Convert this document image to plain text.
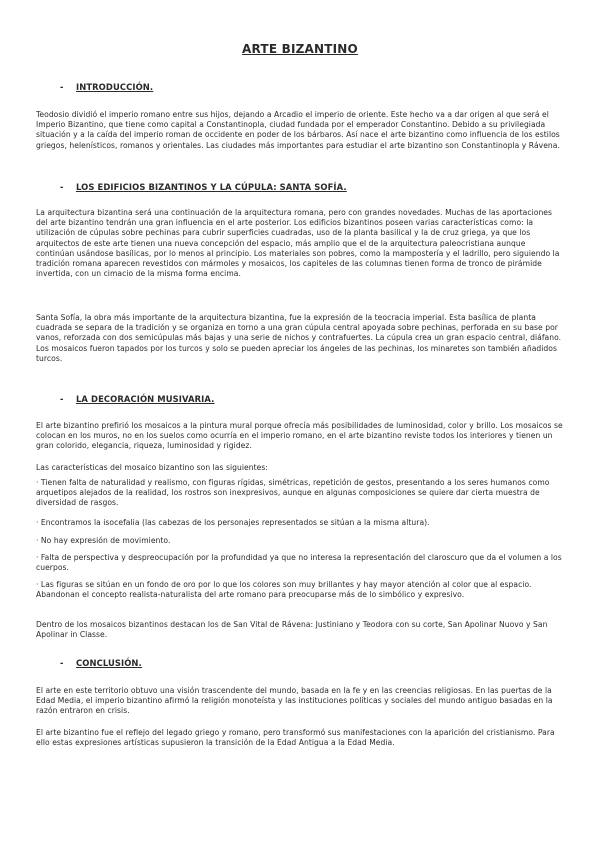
ARTE BIZANTINO
- INTRODUCCIÓN.

Teodosio dividió el imperio romano entre sus hijos, dejando a Arcadio el imperio de oriente. Este hecho va a dar origen al que será el Imperio Bizantino, que tiene como capital a Constantinopla, ciudad fundada por el emperador Constantino. Debido a su privilegiada situación y a la caída del imperio roman de occidente en poder de los bárbaros. Así nace el arte bizantino como influencia de los estilos griegos, helenísticos, romanos y orientales. Las ciudades más importantes para estudiar el arte bizantino son Constantinopla y Rávena.

- LOS EDIFICIOS BIZANTINOS Y LA CÚPULA: SANTA SOFÍA.

La arquitectura bizantina será una continuación de la arquitectura romana, pero con grandes novedades. Muchas de las aportaciones del arte bizantino tendrán una gran influencia en el arte posterior. Los edificios bizantinos poseen varias características como: la utilización de cúpulas sobre pechinas para cubrir superficies cuadradas, uso de la planta basilical y la de cruz griega, ya que los arquitectos de este arte tienen una nueva concepción del espacio, más amplio que el de la arquitectura paleocristiana aunque continúan usándose basílicas, por lo menos al principio. Los materiales son pobres, como la mampostería y el ladrillo, pero siguiendo la tradición romana aparecen revestidos con mármoles y mosaicos, los capiteles de las columnas tienen forma de tronco de pirámide invertida, con un cimacio de la misma forma encima.

Santa Sofía, la obra más importante de la arquitectura bizantina, fue la expresión de la teocracia imperial. Esta basílica de planta cuadrada se separa de la tradición y se organiza en torno a una gran cúpula central apoyada sobre pechinas, perforada en su base por vanos, reforzada con dos semicúpulas más bajas y una serie de nichos y contrafuertes. La cúpula crea un gran espacio central, diáfano. Los mosaicos fueron tapados por los turcos y solo se pueden apreciar los ángeles de las pechinas, los minaretes son también añadidos turcos.

- LA DECORACIÓN MUSIVARIA.

El arte bizantino prefirió los mosaicos a la pintura mural porque ofrecía más posibilidades de luminosidad, color y brillo. Los mosaicos se colocan en los muros, no en los suelos como ocurría en el imperio romano, en el arte bizantino reviste todos los interiores y tienen un gran colorido, elegancia, riqueza, luminosidad y rigidez.

Las características del mosaico bizantino son las siguientes:

· Tienen falta de naturalidad y realismo, con figuras rígidas, simétricas, repetición de gestos, presentando a los seres humanos como arquetipos alejados de la realidad, los rostros son inexpresivos, aunque en algunas composiciones se quiere dar cierta muestra de diversidad de rasgos.

· Encontramos la isocefalia (las cabezas de los personajes representados se sitúan a la misma altura).

· No hay expresión de movimiento.

· Falta de perspectiva y despreocupación por la profundidad ya que no interesa la representación del claroscuro que da el volumen a los cuerpos.

· Las figuras se sitúan en un fondo de oro por lo que los colores son muy brillantes y hay mayor atención al color que al espacio. Abandonan el concepto realista-naturalista del arte romano para preocuparse más de lo simbólico y expresivo.

Dentro de los mosaicos bizantinos destacan los de San Vital de Rávena: Justiniano y Teodora con su corte, San Apolinar Nuovo y San Apolinar in Classe.

- CONCLUSIÓN.

El arte en este territorio obtuvo una visión trascendente del mundo, basada en la fe y en las creencias religiosas. En las puertas de la Edad Media, el imperio bizantino afirmó la religión monoteísta y las instituciones políticas y sociales del mundo antiguo basadas en la razón entraron en crisis.

El arte bizantino fue el reflejo del legado griego y romano, pero transformó sus manifestaciones con la aparición del cristianismo. Para ello estas expresiones artísticas supusieron la transición de la Edad Antigua a la Edad Media.
